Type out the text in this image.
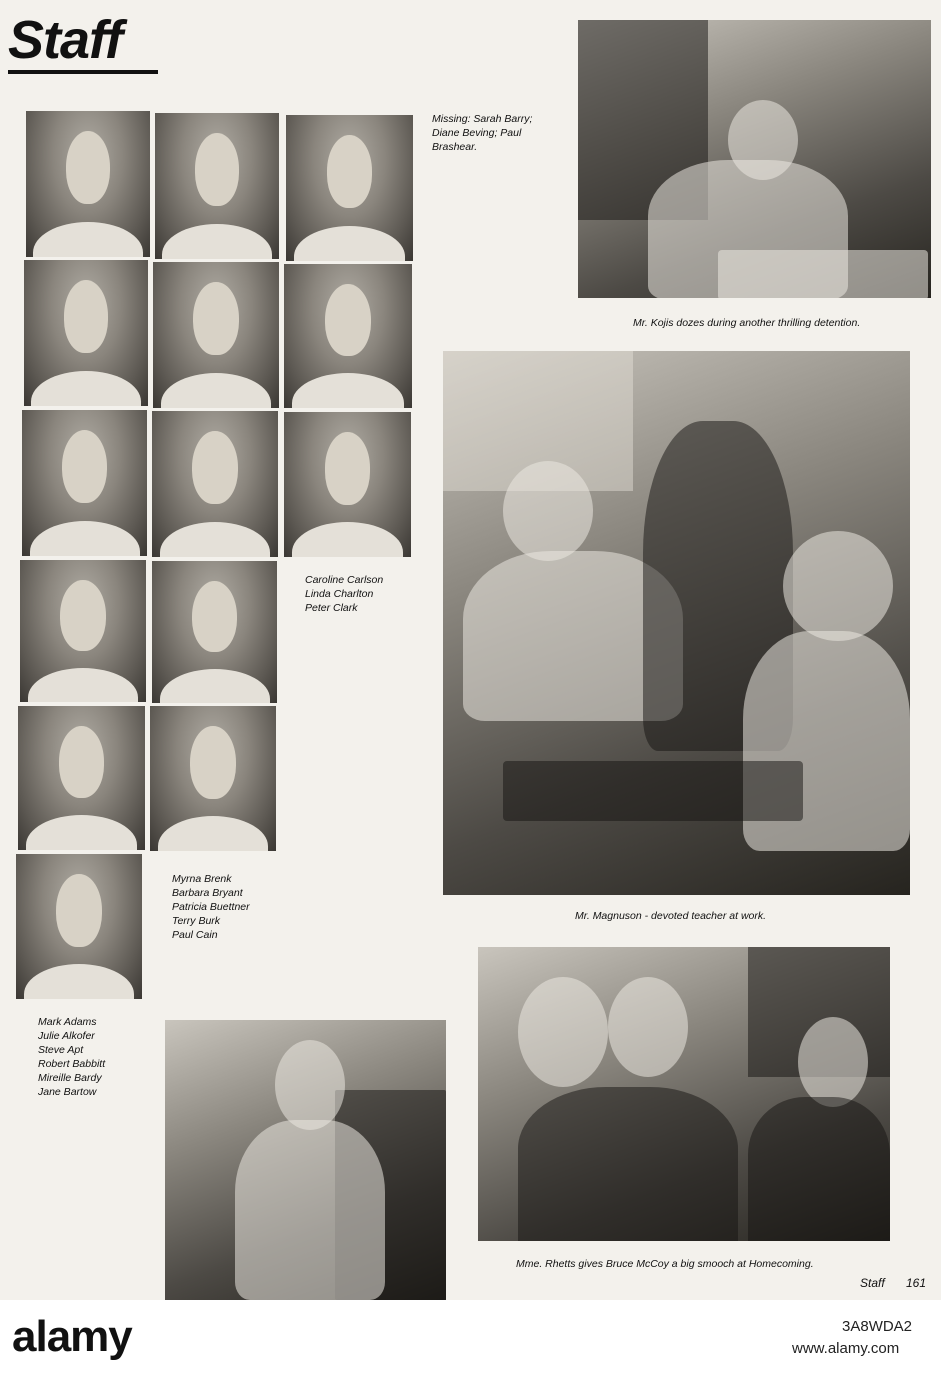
Staff
Missing: Sarah Barry;
Diane Beving; Paul
Brashear.
Caroline Carlson
Linda Charlton
Peter Clark
Myrna Brenk
Barbara Bryant
Patricia Buettner
Terry Burk
Paul Cain
Mark Adams
Julie Alkofer
Steve Apt
Robert Babbitt
Mireille Bardy
Jane Bartow
Mr. Kojis dozes during another thrilling detention.
Mr. Magnuson - devoted teacher at work.
Mme. Rhetts gives Bruce McCoy a big smooch at Homecoming.
Staff 161
alamy	3A8WDA2
www.alamy.com
